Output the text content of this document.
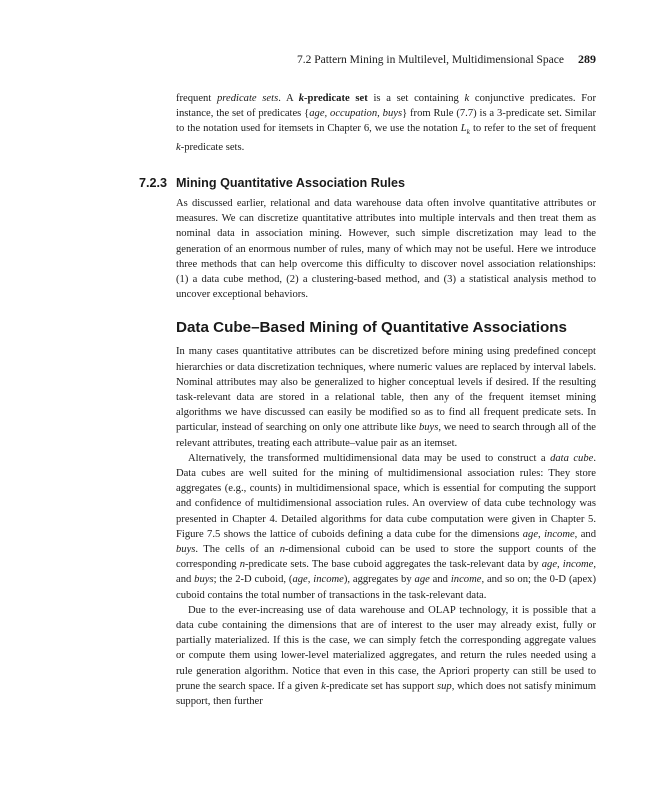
7.2 Pattern Mining in Multilevel, Multidimensional Space 289

frequent predicate sets. A k-predicate set is a set containing k conjunctive predicates. For instance, the set of predicates {age, occupation, buys} from Rule (7.7) is a 3-predicate set. Similar to the notation used for itemsets in Chapter 6, we use the notation $L_k$ to refer to the set of frequent k-predicate sets.

7.2.3 Mining Quantitative Association Rules

As discussed earlier, relational and data warehouse data often involve quantitative attributes or measures. We can discretize quantitative attributes into multiple intervals and then treat them as nominal data in association mining. However, such simple discretization may lead to the generation of an enormous number of rules, many of which may not be useful. Here we introduce three methods that can help overcome this difficulty to discover novel association relationships: (1) a data cube method, (2) a clustering-based method, and (3) a statistical analysis method to uncover exceptional behaviors.

Data Cube–Based Mining of Quantitative Associations

In many cases quantitative attributes can be discretized before mining using predefined concept hierarchies or data discretization techniques, where numeric values are replaced by interval labels. Nominal attributes may also be generalized to higher conceptual levels if desired. If the resulting task-relevant data are stored in a relational table, then any of the frequent itemset mining algorithms we have discussed can easily be modified so as to find all frequent predicate sets. In particular, instead of searching on only one attribute like buys, we need to search through all of the relevant attributes, treating each attribute–value pair as an itemset.

Alternatively, the transformed multidimensional data may be used to construct a data cube. Data cubes are well suited for the mining of multidimensional association rules: They store aggregates (e.g., counts) in multidimensional space, which is essential for computing the support and confidence of multidimensional association rules. An overview of data cube technology was presented in Chapter 4. Detailed algorithms for data cube computation were given in Chapter 5. Figure 7.5 shows the lattice of cuboids defining a data cube for the dimensions age, income, and buys. The cells of an n-dimensional cuboid can be used to store the support counts of the corresponding n-predicate sets. The base cuboid aggregates the task-relevant data by age, income, and buys; the 2-D cuboid, (age, income), aggregates by age and income, and so on; the 0-D (apex) cuboid contains the total number of transactions in the task-relevant data.

Due to the ever-increasing use of data warehouse and OLAP technology, it is possible that a data cube containing the dimensions that are of interest to the user may already exist, fully or partially materialized. If this is the case, we can simply fetch the corresponding aggregate values or compute them using lower-level materialized aggregates, and return the rules needed using a rule generation algorithm. Notice that even in this case, the Apriori property can still be used to prune the search space. If a given k-predicate set has support sup, which does not satisfy minimum support, then further
